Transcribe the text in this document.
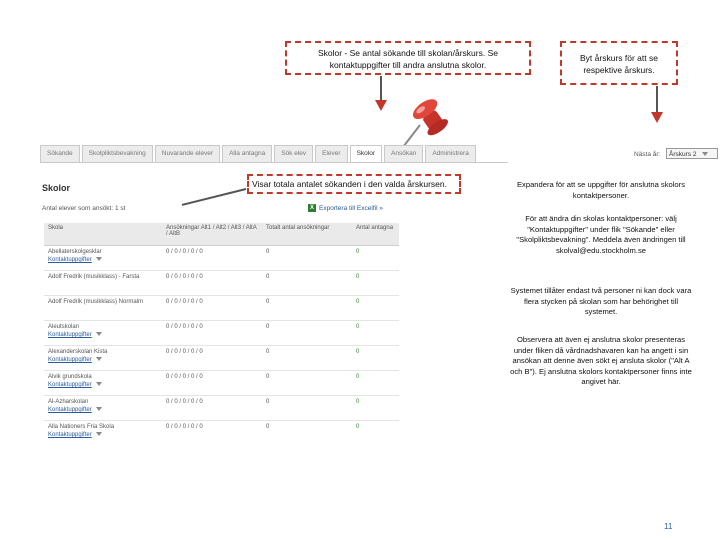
Skolor - Se antal sökande till skolan/årskurs. Se kontaktuppgifter till andra anslutna skolor.
Byt årskurs för att se respektive årskurs.
Nästa år:	Årskurs 2
Sökande	Skolpliktsbevakning	Nuvarande elever	Alla antagna	Sök elev	Elever	Skolor	Ansökan	Administrera
Skolor
Antal elever som ansökt: 1 st	X Exportera till Excelfil »
Skola	Ansökningar Alt1 / Alt2 / Alt3 / AltA / AltB	Totalt antal ansökningar	Antal antagna
Abellaterskolgesklar
Kontaktuppgifter	0 / 0 / 0 / 0 / 0	0	0
Adolf Fredrik (musikklass) - Farsta	0 / 0 / 0 / 0 / 0	0	0
Adolf Fredrik (musikklass) Normalm	0 / 0 / 0 / 0 / 0	0	0
Aleutskolan
Kontaktuppgifter	0 / 0 / 0 / 0 / 0	0	0
Alexanderskolan Kista
Kontaktuppgifter	0 / 0 / 0 / 0 / 0	0	0
Alvik grundskola
Kontaktuppgifter	0 / 0 / 0 / 0 / 0	0	0
Al-Azharskolan
Kontaktuppgifter	0 / 0 / 0 / 0 / 0	0	0
Alla Nationers Fria Skola
Kontaktuppgifter	0 / 0 / 0 / 0 / 0	0	0
Visar totala antalet sökanden i den valda årskursen.	Expandera för att se uppgifter för anslutna skolors kontaktpersoner.
För att ändra din skolas kontaktpersoner: välj "Kontaktuppgifter" under flik "Sökande" eller "Skolpliktsbevakning". Meddela även ändringen till skolval@edu.stockholm.se
Systemet tillåter endast två personer ni kan dock vara flera stycken på skolan som har behörighet till systemet.
Observera att även ej anslutna skolor presenteras under fliken då vårdnadshavaren kan ha angett i sin ansökan att denne även sökt ej ansluta skolor ("Alt A och B"). Ej anslutna skolors kontaktpersoner finns inte angivet här.
11
